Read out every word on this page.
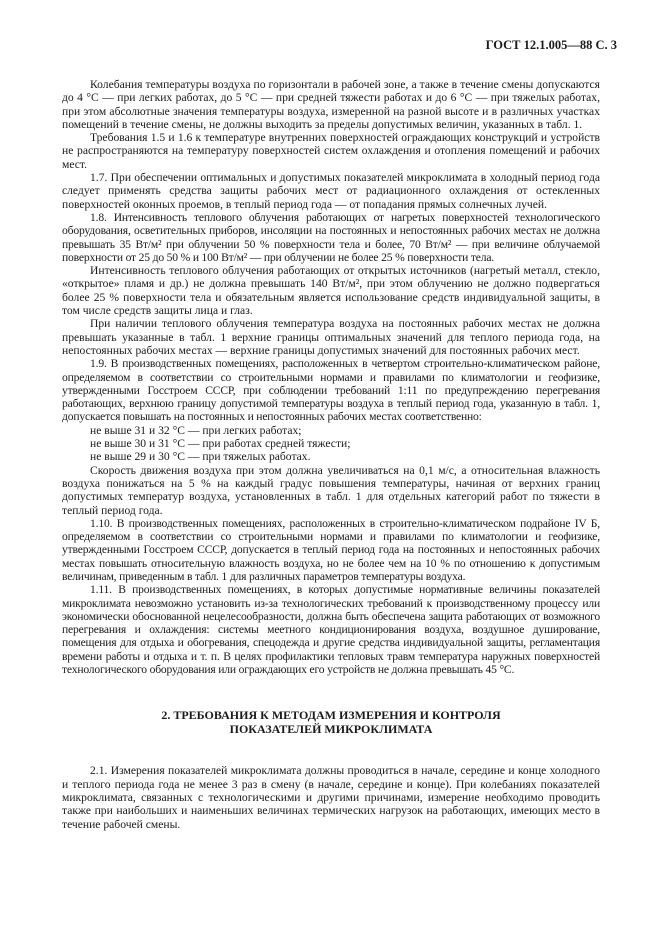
ГОСТ 12.1.005—88 С. 3

Колебания температуры воздуха по горизонтали в рабочей зоне, а также в течение смены допускаются до 4 °С — при легких работах, до 5 °С — при средней тяжести работах и до 6 °С — при тяжелых работах, при этом абсолютные значения температуры воздуха, измеренной на разной высоте и в различных участках помещений в течение смены, не должны выходить за пределы допустимых величин, указанных в табл. 1.

Требования 1.5 и 1.6 к температуре внутренних поверхностей ограждающих конструкций и устройств не распространяются на температуру поверхностей систем охлаждения и отопления помещений и рабочих мест.

1.7. При обеспечении оптимальных и допустимых показателей микроклимата в холодный период года следует применять средства защиты рабочих мест от радиационного охлаждения от остекленных поверхностей оконных проемов, в теплый период года — от попадания прямых солнечных лучей.

1.8. Интенсивность теплового облучения работающих от нагретых поверхностей технологического оборудования, осветительных приборов, инсоляции на постоянных и непостоянных рабочих местах не должна превышать 35 Вт/м² при облучении 50 % поверхности тела и более, 70 Вт/м² — при величине облучаемой поверхности от 25 до 50 % и 100 Вт/м² — при облучении не более 25 % поверхности тела.

Интенсивность теплового облучения работающих от открытых источников (нагретый металл, стекло, «открытое» пламя и др.) не должна превышать 140 Вт/м², при этом облучению не должно подвергаться более 25 % поверхности тела и обязательным является использование средств индивидуальной защиты, в том числе средств защиты лица и глаз.

При наличии теплового облучения температура воздуха на постоянных рабочих местах не должна превышать указанные в табл. 1 верхние границы оптимальных значений для теплого периода года, на непостоянных рабочих местах — верхние границы допустимых значений для постоянных рабочих мест.

1.9. В производственных помещениях, расположенных в четвертом строительно-климатическом районе, определяемом в соответствии со строительными нормами и правилами по климатологии и геофизике, утвержденными Госстроем СССР, при соблюдении требований 1:11 по предупреждению перегревания работающих, верхнюю границу допустимой температуры воздуха в теплый период года, указанную в табл. 1, допускается повышать на постоянных и непостоянных рабочих местах соответственно:

не выше 31 и 32 °С — при легких работах;

не выше 30 и 31 °С — при работах средней тяжести;

не выше 29 и 30 °С — при тяжелых работах.

Скорость движения воздуха при этом должна увеличиваться на 0,1 м/с, а относительная влажность воздуха понижаться на 5 % на каждый градус повышения температуры, начиная от верхних границ допустимых температур воздуха, установленных в табл. 1 для отдельных категорий работ по тяжести в теплый период года.

1.10. В производственных помещениях, расположенных в строительно-климатическом подрайоне IV Б, определяемом в соответствии со строительными нормами и правилами по климатологии и геофизике, утвержденными Госстроем СССР, допускается в теплый период года на постоянных и непостоянных рабочих местах повышать относительную влажность воздуха, но не более чем на 10 % по отношению к допустимым величинам, приведенным в табл. 1 для различных параметров температуры воздуха.

1.11. В производственных помещениях, в которых допустимые нормативные величины показателей микроклимата невозможно установить из-за технологических требований к производственному процессу или экономически обоснованной нецелесообразности, должна быть обеспечена защита работающих от возможного перегревания и охлаждения: системы меетного кондиционирования воздуха, воздушное душирование, помещения для отдыха и обогревания, спецодежда и другие средства индивидуальной защиты, регламентация времени работы и отдыха и т. п. В целях профилактики тепловых травм температура наружных поверхностей технологического оборудования или ограждающих его устройств не должна превышать 45 °С.

2. ТРЕБОВАНИЯ К МЕТОДАМ ИЗМЕРЕНИЯ И КОНТРОЛЯ
ПОКАЗАТЕЛЕЙ МИКРОКЛИМАТА

2.1. Измерения показателей микроклимата должны проводиться в начале, середине и конце холодного и теплого периода года не менее 3 раз в смену (в начале, середине и конце). При колебаниях показателей микроклимата, связанных с технологическими и другими причинами, измерение необходимо проводить также при наибольших и наименьших величинах термических нагрузок на работающих, имеющих место в течение рабочей смены.
